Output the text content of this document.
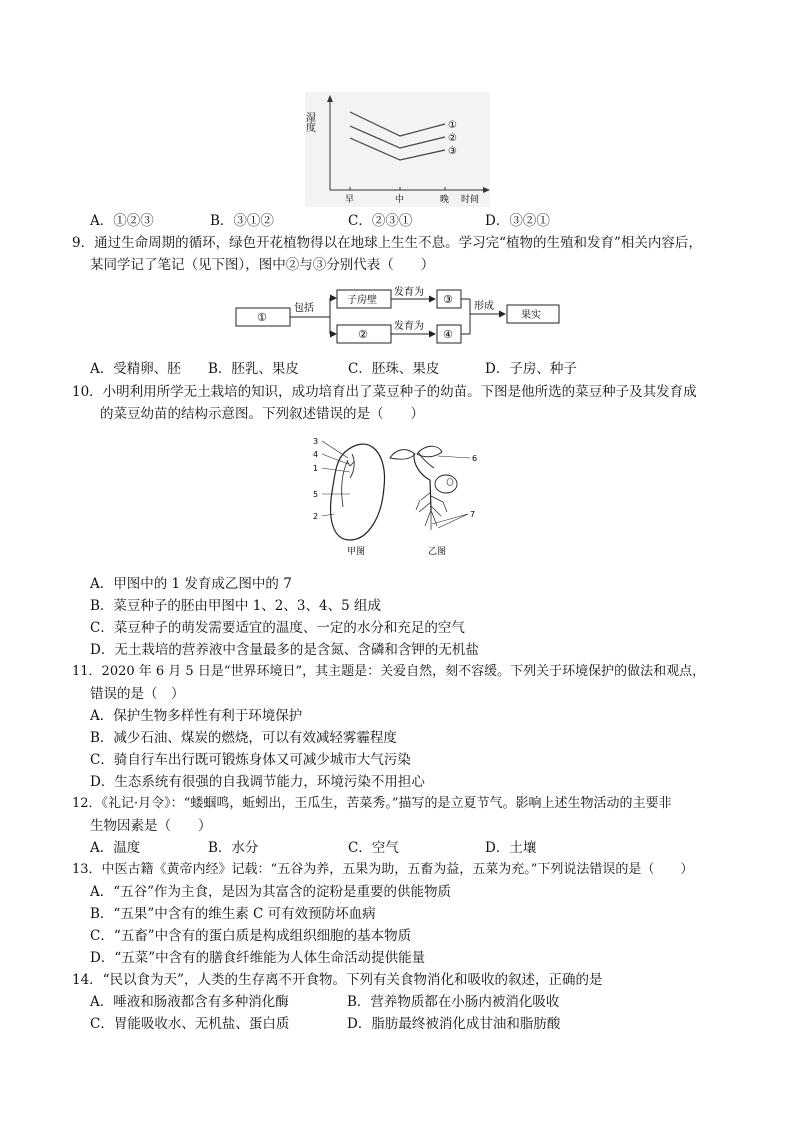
湿度	①
②
③
早	中	晚 时间
A．①②③	B．③①②	C．②③①	D．③②①
9．通过生命周期的循环，绿色开花植物得以在地球上生生不息。学习完“植物的生殖和发育”相关内容后，
某同学记了笔记（见下图），图中②与③分别代表（　　）
①
包括
子房壁
②
发育为
发育为
③
④
形成
果实
A．受精卵、胚 B．胚乳、果皮	C．胚珠、果皮	D．子房、种子
10．小明利用所学无土栽培的知识，成功培育出了菜豆种子的幼苗。下图是他所选的菜豆种子及其发育成
的菜豆幼苗的结构示意图。下列叙述错误的是（　　）
3
4
1
5
2
6
7
甲图	乙图
A．甲图中的 1 发育成乙图中的 7
B．菜豆种子的胚由甲图中 1、2、3、4、5 组成
C．菜豆种子的萌发需要适宜的温度、一定的水分和充足的空气
D．无土栽培的营养液中含量最多的是含氮、含磷和含钾的无机盐
11．2020 年 6 月 5 日是“世界环境日”，其主题是：关爱自然，刻不容缓。下列关于环境保护的做法和观点，
错误的是（　）
A．保护生物多样性有利于环境保护
B．减少石油、煤炭的燃烧，可以有效减轻雾霾程度
C．骑自行车出行既可锻炼身体又可减少城市大气污染
D．生态系统有很强的自我调节能力，环境污染不用担心
12．《礼记·月令》：“蝼蝈鸣，蚯蚓出，王瓜生，苦菜秀。”描写的是立夏节气。影响上述生物活动的主要非
生物因素是（　　）
A．温度	B．水分	C．空气	D．土壤
13．中医古籍《黄帝内经》记载：“五谷为养，五果为助，五畜为益，五菜为充。”下列说法错误的是（　　）
A．“五谷”作为主食，是因为其富含的淀粉是重要的供能物质
B．“五果”中含有的维生素 C 可有效预防坏血病
C．“五畜”中含有的蛋白质是构成组织细胞的基本物质
D．“五菜”中含有的膳食纤维能为人体生命活动提供能量
14．“民以食为天”，人类的生存离不开食物。下列有关食物消化和吸收的叙述，正确的是
A．唾液和肠液都含有多种消化酶	B．营养物质都在小肠内被消化吸收
C．胃能吸收水、无机盐、蛋白质	D．脂肪最终被消化成甘油和脂肪酸
